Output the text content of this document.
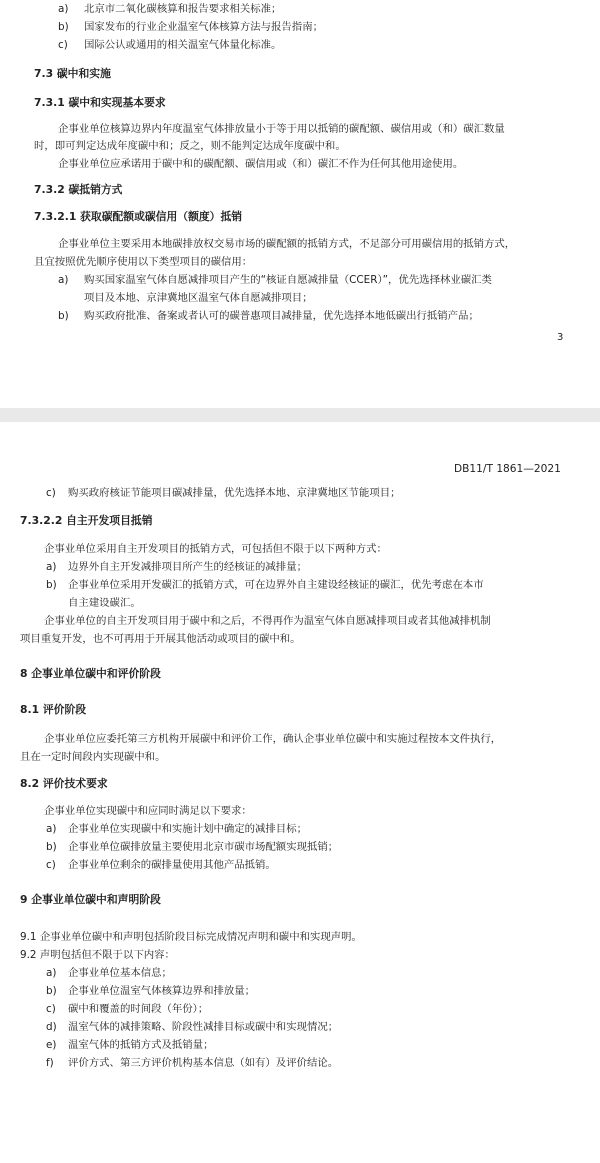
a) 北京市二氧化碳核算和报告要求相关标准；
b) 国家发布的行业企业温室气体核算方法与报告指南；
c) 国际公认或通用的相关温室气体量化标准。
7.3 碳中和实施
7.3.1 碳中和实现基本要求
企事业单位核算边界内年度温室气体排放量小于等于用以抵销的碳配额、碳信用或（和）碳汇数量
时，即可判定达成年度碳中和；反之，则不能判定达成年度碳中和。
企事业单位应承诺用于碳中和的碳配额、碳信用或（和）碳汇不作为任何其他用途使用。
7.3.2 碳抵销方式
7.3.2.1 获取碳配额或碳信用（额度）抵销
企事业单位主要采用本地碳排放权交易市场的碳配额的抵销方式，不足部分可用碳信用的抵销方式，
且宜按照优先顺序使用以下类型项目的碳信用：
a) 购买国家温室气体自愿减排项目产生的“核证自愿减排量（CCER）”，优先选择林业碳汇类
项目及本地、京津冀地区温室气体自愿减排项目；
b) 购买政府批准、备案或者认可的碳普惠项目减排量，优先选择本地低碳出行抵销产品；
3
DB11/T 1861—2021
c) 购买政府核证节能项目碳减排量，优先选择本地、京津冀地区节能项目；
7.3.2.2 自主开发项目抵销
企事业单位采用自主开发项目的抵销方式，可包括但不限于以下两种方式：
a) 边界外自主开发减排项目所产生的经核证的减排量；
b) 企事业单位采用开发碳汇的抵销方式，可在边界外自主建设经核证的碳汇，优先考虑在本市
自主建设碳汇。
企事业单位的自主开发项目用于碳中和之后，不得再作为温室气体自愿减排项目或者其他减排机制
项目重复开发，也不可再用于开展其他活动或项目的碳中和。
8 企事业单位碳中和评价阶段
8.1 评价阶段
企事业单位应委托第三方机构开展碳中和评价工作，确认企事业单位碳中和实施过程按本文件执行，
且在一定时间段内实现碳中和。
8.2 评价技术要求
企事业单位实现碳中和应同时满足以下要求：
a) 企事业单位实现碳中和实施计划中确定的减排目标；
b) 企事业单位碳排放量主要使用北京市碳市场配额实现抵销；
c) 企事业单位剩余的碳排量使用其他产品抵销。
9 企事业单位碳中和声明阶段
9.1 企事业单位碳中和声明包括阶段目标完成情况声明和碳中和实现声明。
9.2 声明包括但不限于以下内容：
a) 企事业单位基本信息；
b) 企事业单位温室气体核算边界和排放量；
c) 碳中和覆盖的时间段（年份）；
d) 温室气体的减排策略、阶段性减排目标或碳中和实现情况；
e) 温室气体的抵销方式及抵销量；
f) 评价方式、第三方评价机构基本信息（如有）及评价结论。
